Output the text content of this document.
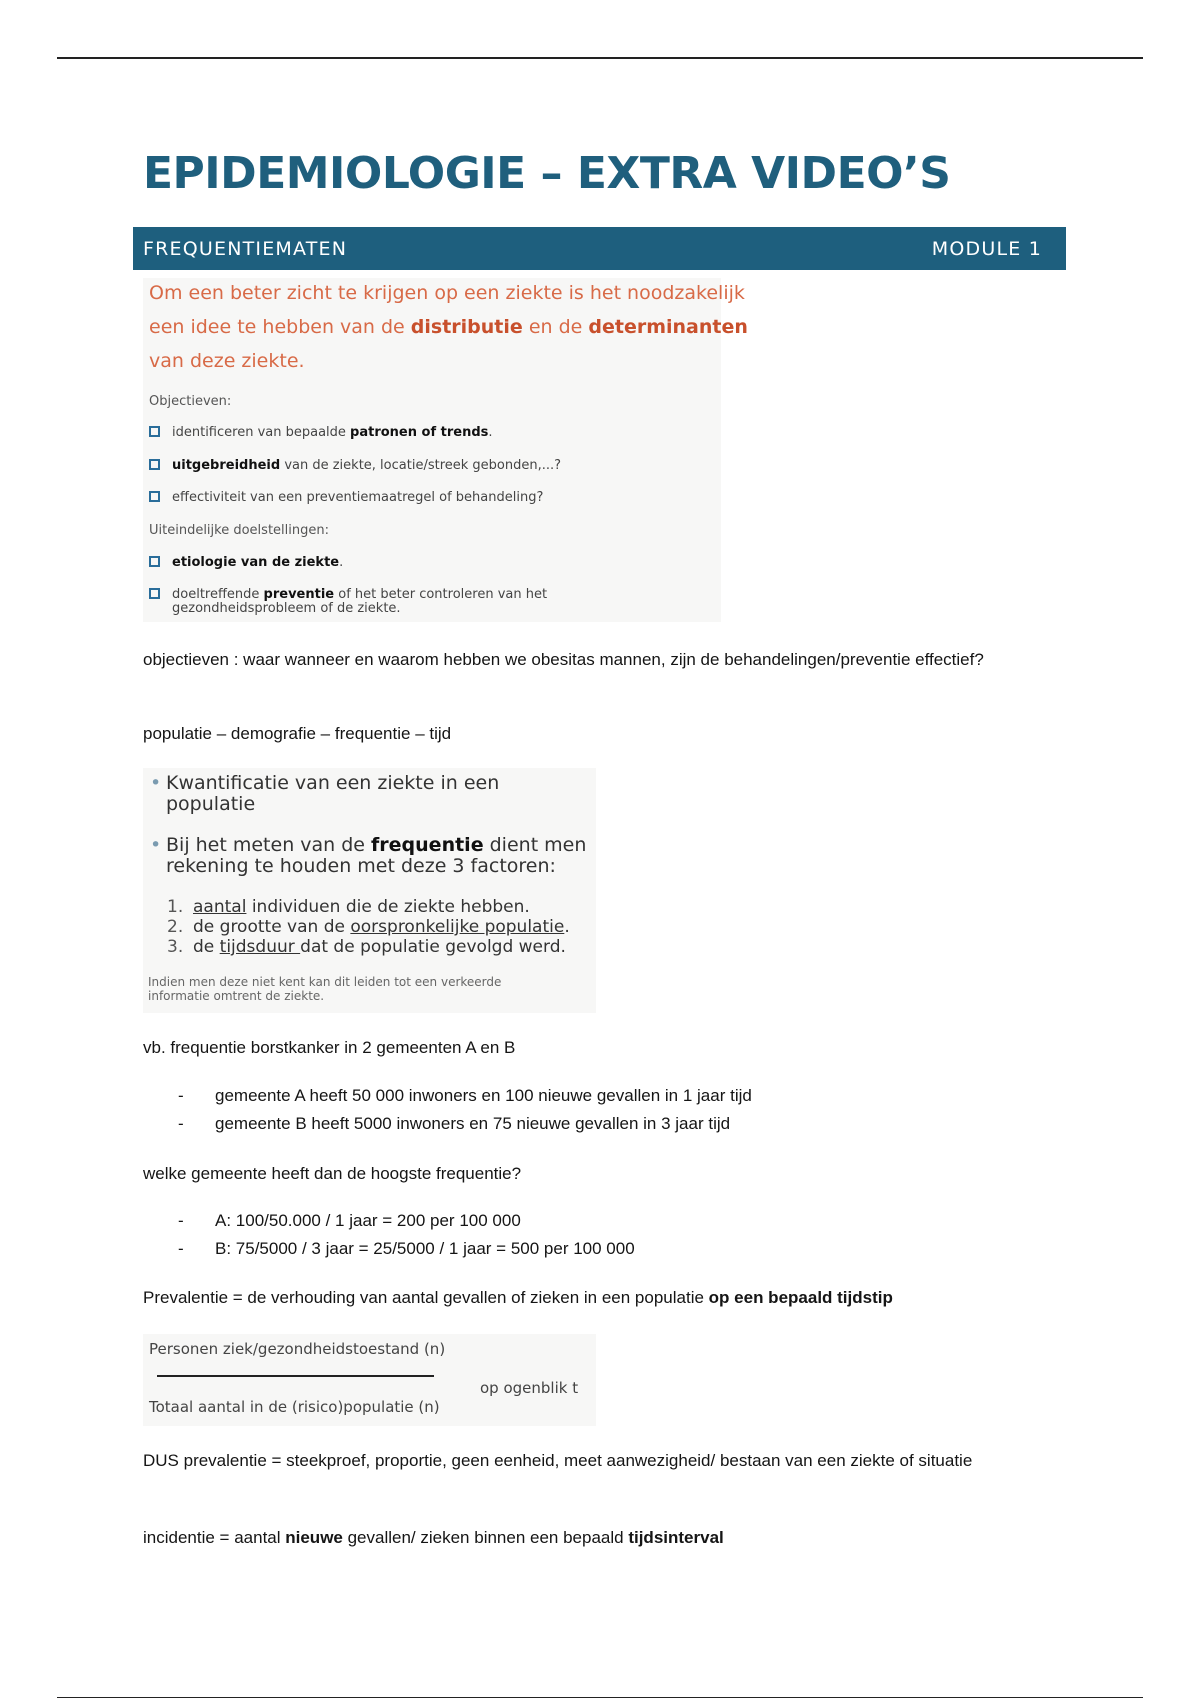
EPIDEMIOLOGIE – EXTRA VIDEO’S
FREQUENTIEMATEN	MODULE 1
Om een beter zicht te krijgen op een ziekte is het noodzakelijk
een idee te hebben van de distributie en de determinanten
van deze ziekte.
Objectieven:
identificeren van bepaalde patronen of trends.
uitgebreidheid van de ziekte, locatie/streek gebonden,...?
effectiviteit van een preventiemaatregel of behandeling?
Uiteindelijke doelstellingen:
etiologie van de ziekte.
doeltreffende preventie of het beter controleren van het
gezondheidsprobleem of de ziekte.

objectieven : waar wanneer en waarom hebben we obesitas mannen, zijn de behandelingen/preventie effectief?

populatie – demografie – frequentie – tijd

• Kwantificatie van een ziekte in een
populatie
• Bij het meten van de frequentie dient men
rekening te houden met deze 3 factoren:
1. aantal individuen die de ziekte hebben.
2. de grootte van de oorspronkelijke populatie.
3. de tijdsduur dat de populatie gevolgd werd.
Indien men deze niet kent kan dit leiden tot een verkeerde
informatie omtrent de ziekte.

vb. frequentie borstkanker in 2 gemeenten A en B

- gemeente A heeft 50 000 inwoners en 100 nieuwe gevallen in 1 jaar tijd
- gemeente B heeft 5000 inwoners en 75 nieuwe gevallen in 3 jaar tijd

welke gemeente heeft dan de hoogste frequentie?

- A: 100/50.000 / 1 jaar = 200 per 100 000
- B: 75/5000 / 3 jaar = 25/5000 / 1 jaar = 500 per 100 000

Prevalentie = de verhouding van aantal gevallen of zieken in een populatie op een bepaald tijdstip

Personen ziek/gezondheidstoestand (n)
Totaal aantal in de (risico)populatie (n)
op ogenblik t

DUS prevalentie = steekproef, proportie, geen eenheid, meet aanwezigheid/ bestaan van een ziekte of situatie

incidentie = aantal nieuwe gevallen/ zieken binnen een bepaald tijdsinterval
